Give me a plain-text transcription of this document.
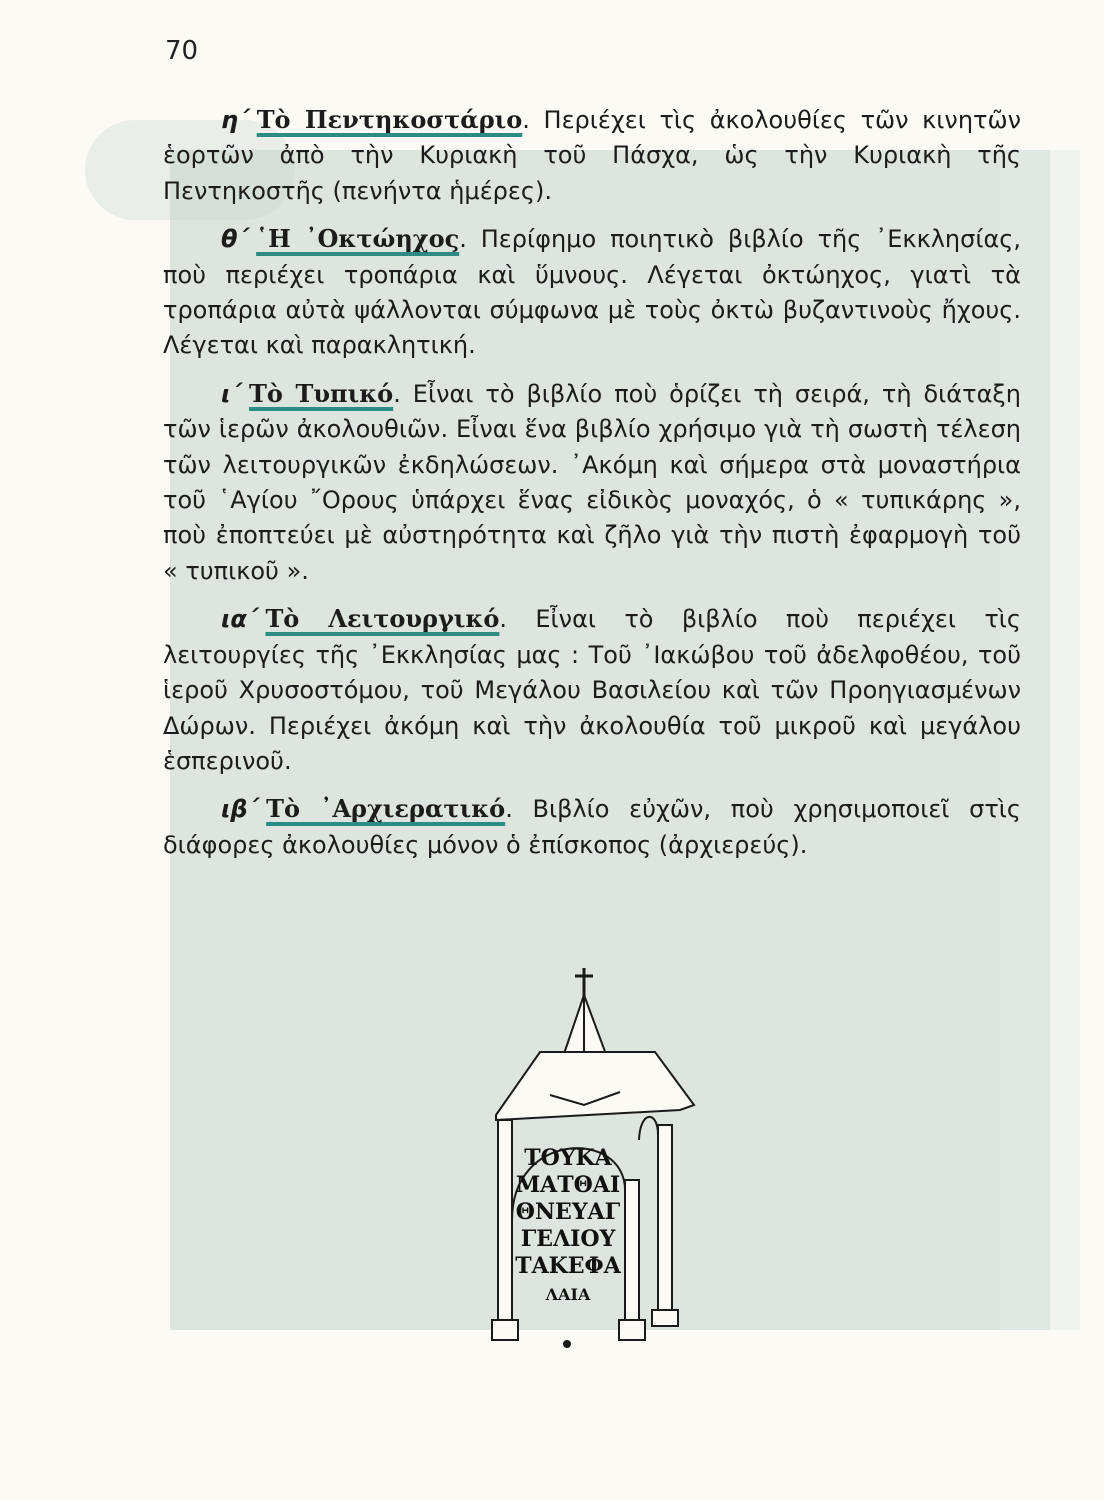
70

η΄ Τὸ Πεντηκοστάριο. Περιέχει τὶς ἀκολουθίες τῶν κινητῶν ἑορτῶν ἀπὸ τὴν Κυριακὴ τοῦ Πάσχα, ὡς τὴν Κυριακὴ τῆς Πεντηκοστῆς (πενήντα ἡμέρες).

θ΄ ῾Η ᾿Οκτώηχος. Περίφημο ποιητικὸ βιβλίο τῆς ᾿Εκκλησίας, ποὺ περιέχει τροπάρια καὶ ὕμνους. Λέγεται ὀκτώηχος, γιατὶ τὰ τροπάρια αὐτὰ ψάλλονται σύμφωνα μὲ τοὺς ὀκτὼ βυζαντινοὺς ἤχους. Λέγεται καὶ παρακλητική.

ι΄ Τὸ Τυπικό. Εἶναι τὸ βιβλίο ποὺ ὁρίζει τὴ σειρά, τὴ διάταξη τῶν ἱερῶν ἀκολουθιῶν. Εἶναι ἕνα βιβλίο χρήσιμο γιὰ τὴ σωστὴ τέλεση τῶν λειτουργικῶν ἐκδηλώσεων. ᾿Ακόμη καὶ σήμερα στὰ μοναστήρια τοῦ ῾Αγίου ῎Ορους ὑπάρχει ἕνας εἰδικὸς μοναχός, ὁ « τυπικάρης », ποὺ ἐποπτεύει μὲ αὐστηρότητα καὶ ζῆλο γιὰ τὴν πιστὴ ἐφαρμογὴ τοῦ « τυπικοῦ ».

ια΄ Τὸ Λειτουργικό. Εἶναι τὸ βιβλίο ποὺ περιέχει τὶς λειτουργίες τῆς ᾿Εκκλησίας μας : Τοῦ ᾿Ιακώβου τοῦ ἀδελφοθέου, τοῦ ἱεροῦ Χρυσοστόμου, τοῦ Μεγάλου Βασιλείου καὶ τῶν Προηγιασμένων Δώρων. Περιέχει ἀκόμη καὶ τὴν ἀκολουθία τοῦ μικροῦ καὶ μεγάλου ἑσπερινοῦ.

ιβ΄ Τὸ ᾿Αρχιερατικό. Βιβλίο εὐχῶν, ποὺ χρησιμοποιεῖ στὶς διάφορες ἀκολουθίες μόνον ὁ ἐπίσκοπος (ἀρχιερεύς).

ΤΟΥΚΑ
ΜΑΤΘΑΙ
ΘΝΕΥΑΓ
ΓΕΛΙΟΥ
ΤΑΚΕΦΑ
ΛΑΙΑ
